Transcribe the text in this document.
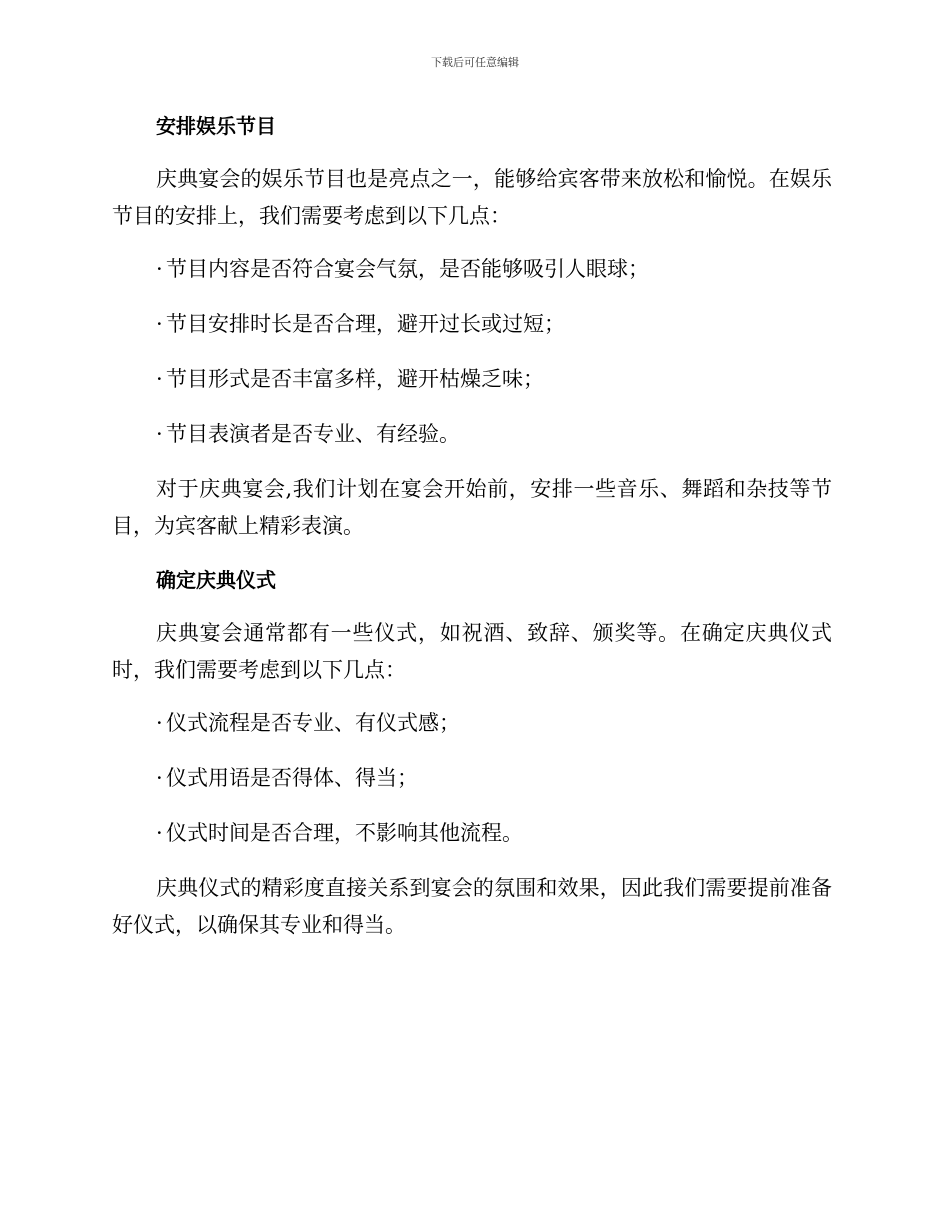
下载后可任意编辑
安排娱乐节目

庆典宴会的娱乐节目也是亮点之一，能够给宾客带来放松和愉悦。在娱乐节目的安排上，我们需要考虑到以下几点：

· 节目内容是否符合宴会气氛，是否能够吸引人眼球；
· 节目安排时长是否合理，避开过长或过短；
· 节目形式是否丰富多样，避开枯燥乏味；
· 节目表演者是否专业、有经验。

对于庆典宴会,我们计划在宴会开始前，安排一些音乐、舞蹈和杂技等节目，为宾客献上精彩表演。

确定庆典仪式

庆典宴会通常都有一些仪式，如祝酒、致辞、颁奖等。在确定庆典仪式时，我们需要考虑到以下几点：

· 仪式流程是否专业、有仪式感；
· 仪式用语是否得体、得当；
· 仪式时间是否合理，不影响其他流程。

庆典仪式的精彩度直接关系到宴会的氛围和效果，因此我们需要提前准备好仪式，以确保其专业和得当。
